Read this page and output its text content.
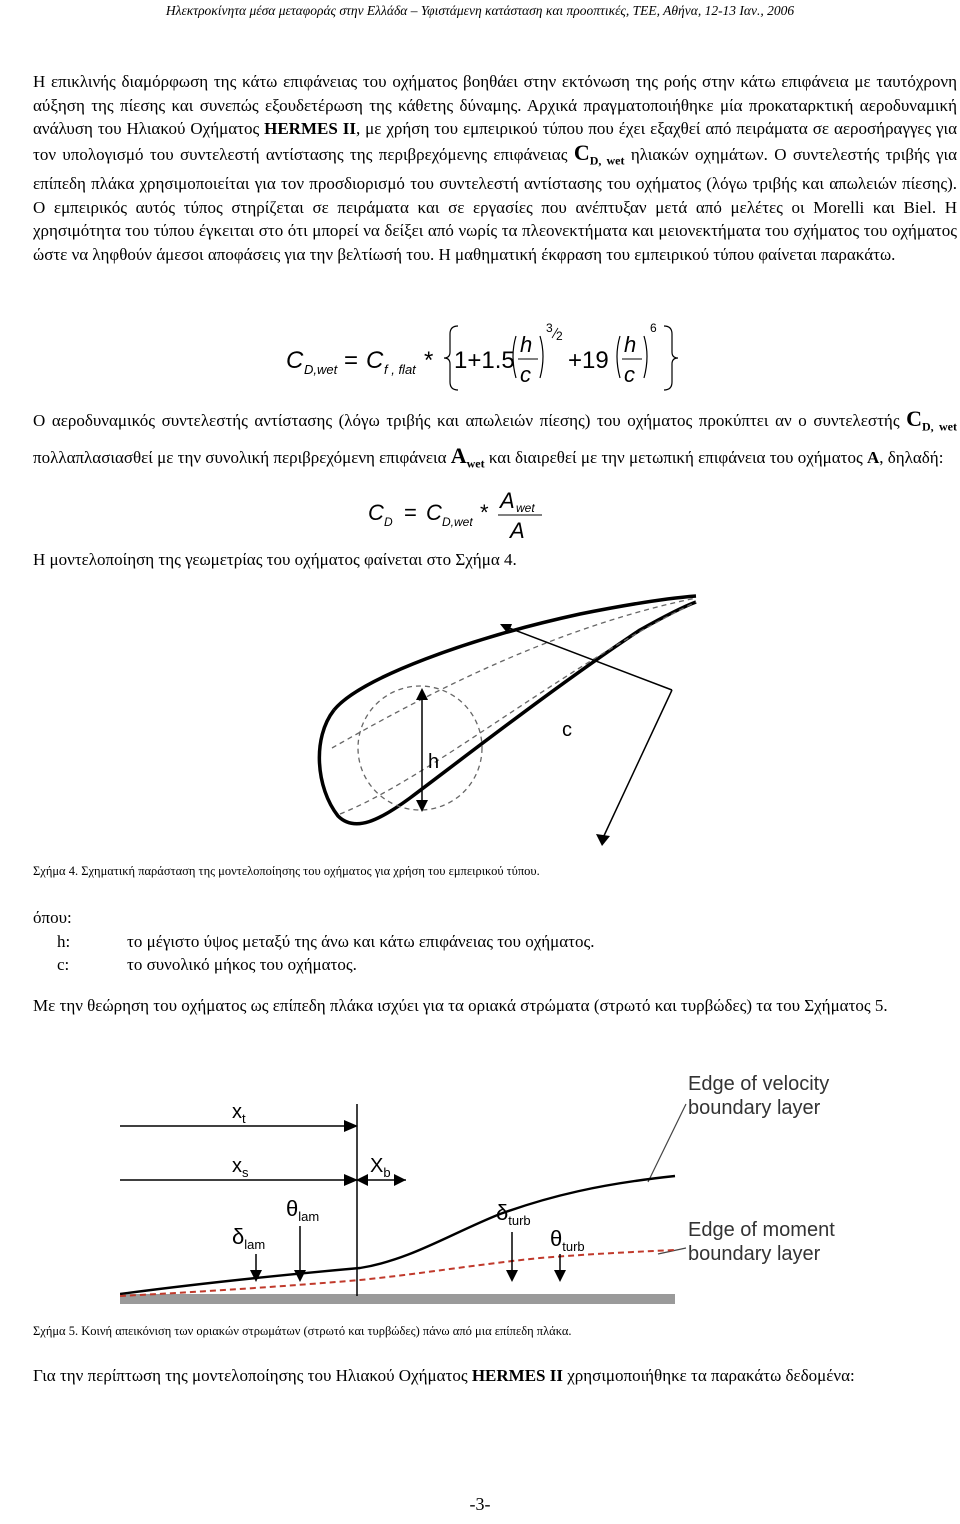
Ηλεκτροκίνητα μέσα μεταφοράς στην Ελλάδα – Υφιστάμενη κατάσταση και προοπτικές, ΤΕΕ, Αθήνα, 12-13 Ιαν., 2006

Η επικλινής διαμόρφωση της κάτω επιφάνειας του οχήματος βοηθάει στην εκτόνωση της ροής στην κάτω επιφάνεια με ταυτόχρονη αύξηση της πίεσης και συνεπώς εξουδετέρωση της κάθετης δύναμης. Αρχικά πραγματοποιήθηκε μία προκαταρκτική αεροδυναμική ανάλυση του Ηλιακού Οχήματος HERMES II, με χρήση του εμπειρικού τύπου που έχει εξαχθεί από πειράματα σε αεροσήραγγες για τον υπολογισμό του συντελεστή αντίστασης της περιβρεχόμενης επιφάνειας $C_{D, wet}$ ηλιακών οχημάτων. Ο συντελεστής τριβής για επίπεδη πλάκα χρησιμοποιείται για τον προσδιορισμό του συντελεστή αντίστασης του οχήματος (λόγω τριβής και απωλειών πίεσης). Ο εμπειρικός αυτός τύπος στηρίζεται σε πειράματα και σε εργασίες που ανέπτυξαν μετά από μελέτες οι Morelli και Biel. Η χρησιμότητα του τύπου έγκειται στο ότι μπορεί να δείξει από νωρίς τα πλεονεκτήματα και μειονεκτήματα του σχήματος του οχήματος ώστε να ληφθούν άμεσοι αποφάσεις για την βελτίωσή του. Η μαθηματική έκφραση του εμπειρικού τύπου φαίνεται παρακάτω.

C D,wet = C f , flat * 1+1.5
h
c
3
2
+19
h
c
6

Ο αεροδυναμικός συντελεστής αντίστασης (λόγω τριβής και απωλειών πίεσης) του οχήματος προκύπτει αν ο συντελεστής $C_{D, wet}$ πολλαπλασιασθεί με την συνολική περιβρεχόμενη επιφάνεια $A_{wet}$ και διαιρεθεί με την μετωπική επιφάνεια του οχήματος A, δηλαδή:

C D = C D,wet * A wet
A

Η μοντελοποίηση της γεωμετρίας του οχήματος φαίνεται στο Σχήμα 4.

h
c
Σχήμα 4. Σχηματική παράσταση της μοντελοποίησης του οχήματος για χρήση του εμπειρικού τύπου.
όπου:
h:	το μέγιστο ύψος μεταξύ της άνω και κάτω επιφάνειας του οχήματος.
c:	το συνολικό μήκος του οχήματος.

Με την θεώρηση του οχήματος ως επίπεδη πλάκα ισχύει για τα οριακά στρώματα (στρωτό και τυρβώδες) τα του Σχήματος 5.

Edge of velocity
boundary layer
Edge of moment
boundary layer
$x_t$
$x_s$	$X_b$
$\delta_{lam}$
$\theta_{lam}$	$\delta_{turb}$
$\theta_{turb}$
Σχήμα 5. Κοινή απεικόνιση των οριακών στρωμάτων (στρωτό και τυρβώδες) πάνω από μια επίπεδη πλάκα.

Για την περίπτωση της μοντελοποίησης του Ηλιακού Οχήματος HERMES II χρησιμοποιήθηκε τα παρακάτω δεδομένα:

-3-
